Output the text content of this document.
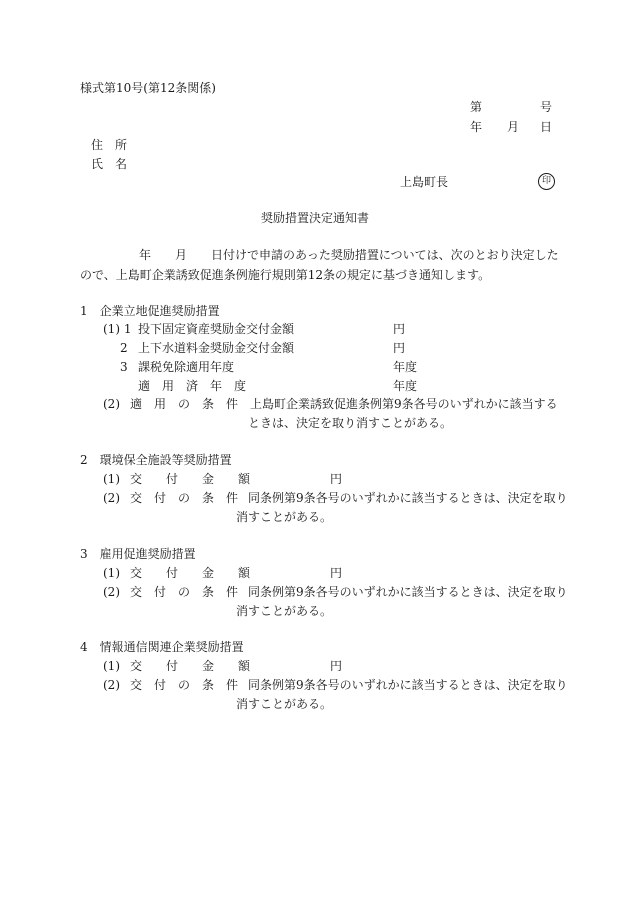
様式第10号(第12条関係)
第	号
年 月 日
住　所
氏　名
上島町長	印
奨励措置決定通知書
年 月 日付けで申請のあった奨励措置については、次のとおり決定した
ので、上島町企業誘致促進条例施行規則第12条の規定に基づき通知します。
1　企業立地促進奨励措置
(1) 1 投下固定資産奨励金交付金額	円
2 上下水道料金奨励金交付金額	円
3 課税免除適用年度	年度
適　用　済　年　度	年度
(2) 適　用　の　条　件 上島町企業誘致促進条例第9条各号のいずれかに該当する
ときは、決定を取り消すことがある。
2　環境保全施設等奨励措置
(1) 交　　付　　金　　額	円
(2) 交　付　の　条　件 同条例第9条各号のいずれかに該当するときは、決定を取り
消すことがある。
3　雇用促進奨励措置
(1) 交　　付　　金　　額	円
(2) 交　付　の　条　件 同条例第9条各号のいずれかに該当するときは、決定を取り
消すことがある。
4　情報通信関連企業奨励措置
(1) 交　　付　　金　　額	円
(2) 交　付　の　条　件 同条例第9条各号のいずれかに該当するときは、決定を取り
消すことがある。
